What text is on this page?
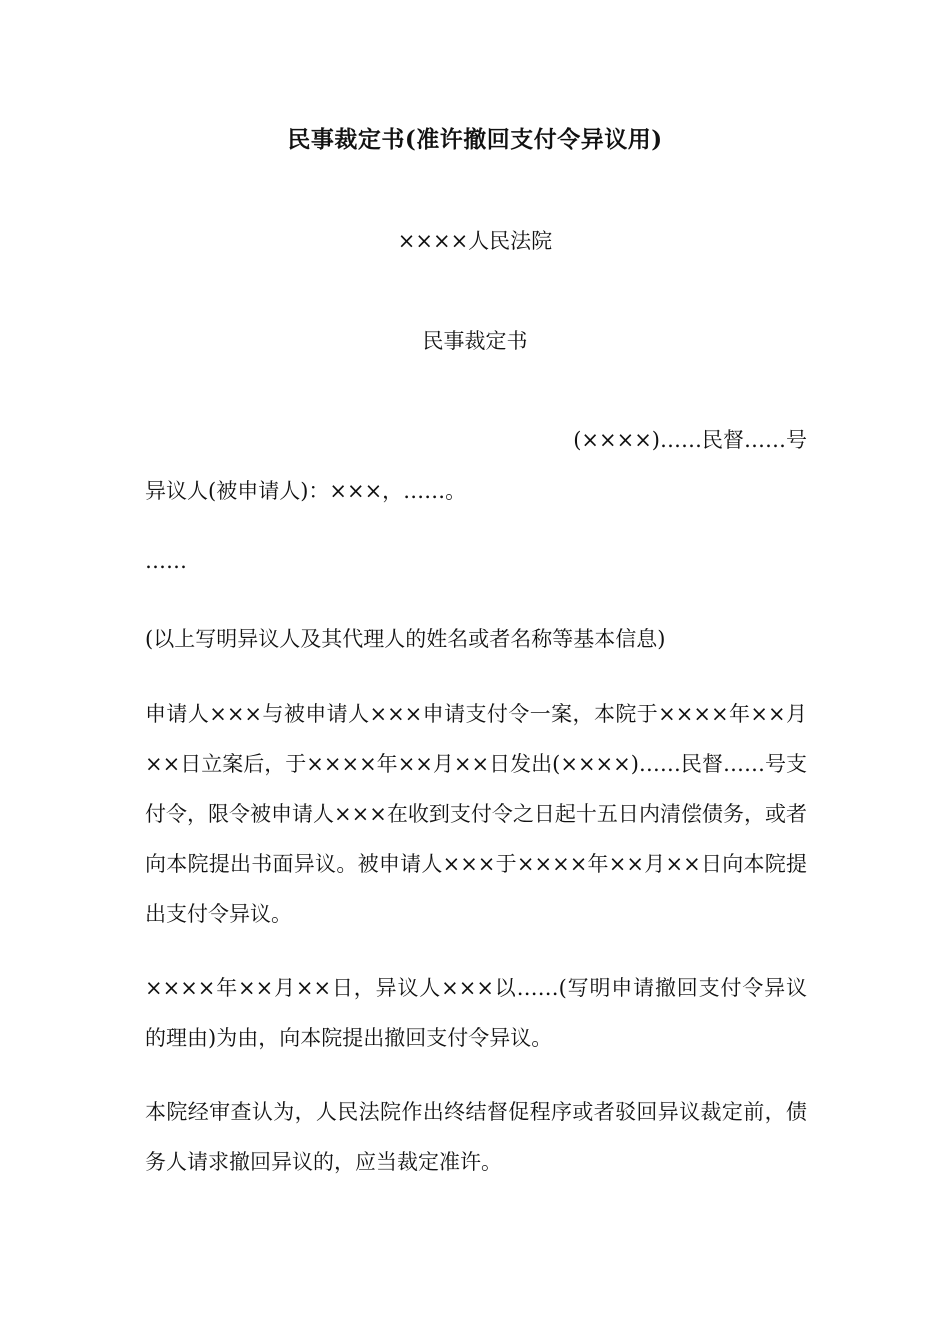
民事裁定书(准许撤回支付令异议用)
××××人民法院
民事裁定书
(××××)……民督……号
异议人(被申请人)：×××，……。
……
(以上写明异议人及其代理人的姓名或者名称等基本信息)
申请人×××与被申请人×××申请支付令一案，本院于××××年××月××日立案后，于××××年××月××日发出(××××)……民督……号支付令，限令被申请人×××在收到支付令之日起十五日内清偿债务，或者向本院提出书面异议。被申请人×××于××××年××月××日向本院提出支付令异议。
××××年××月××日，异议人×××以……(写明申请撤回支付令异议的理由)为由，向本院提出撤回支付令异议。
本院经审查认为，人民法院作出终结督促程序或者驳回异议裁定前，债务人请求撤回异议的，应当裁定准许。
